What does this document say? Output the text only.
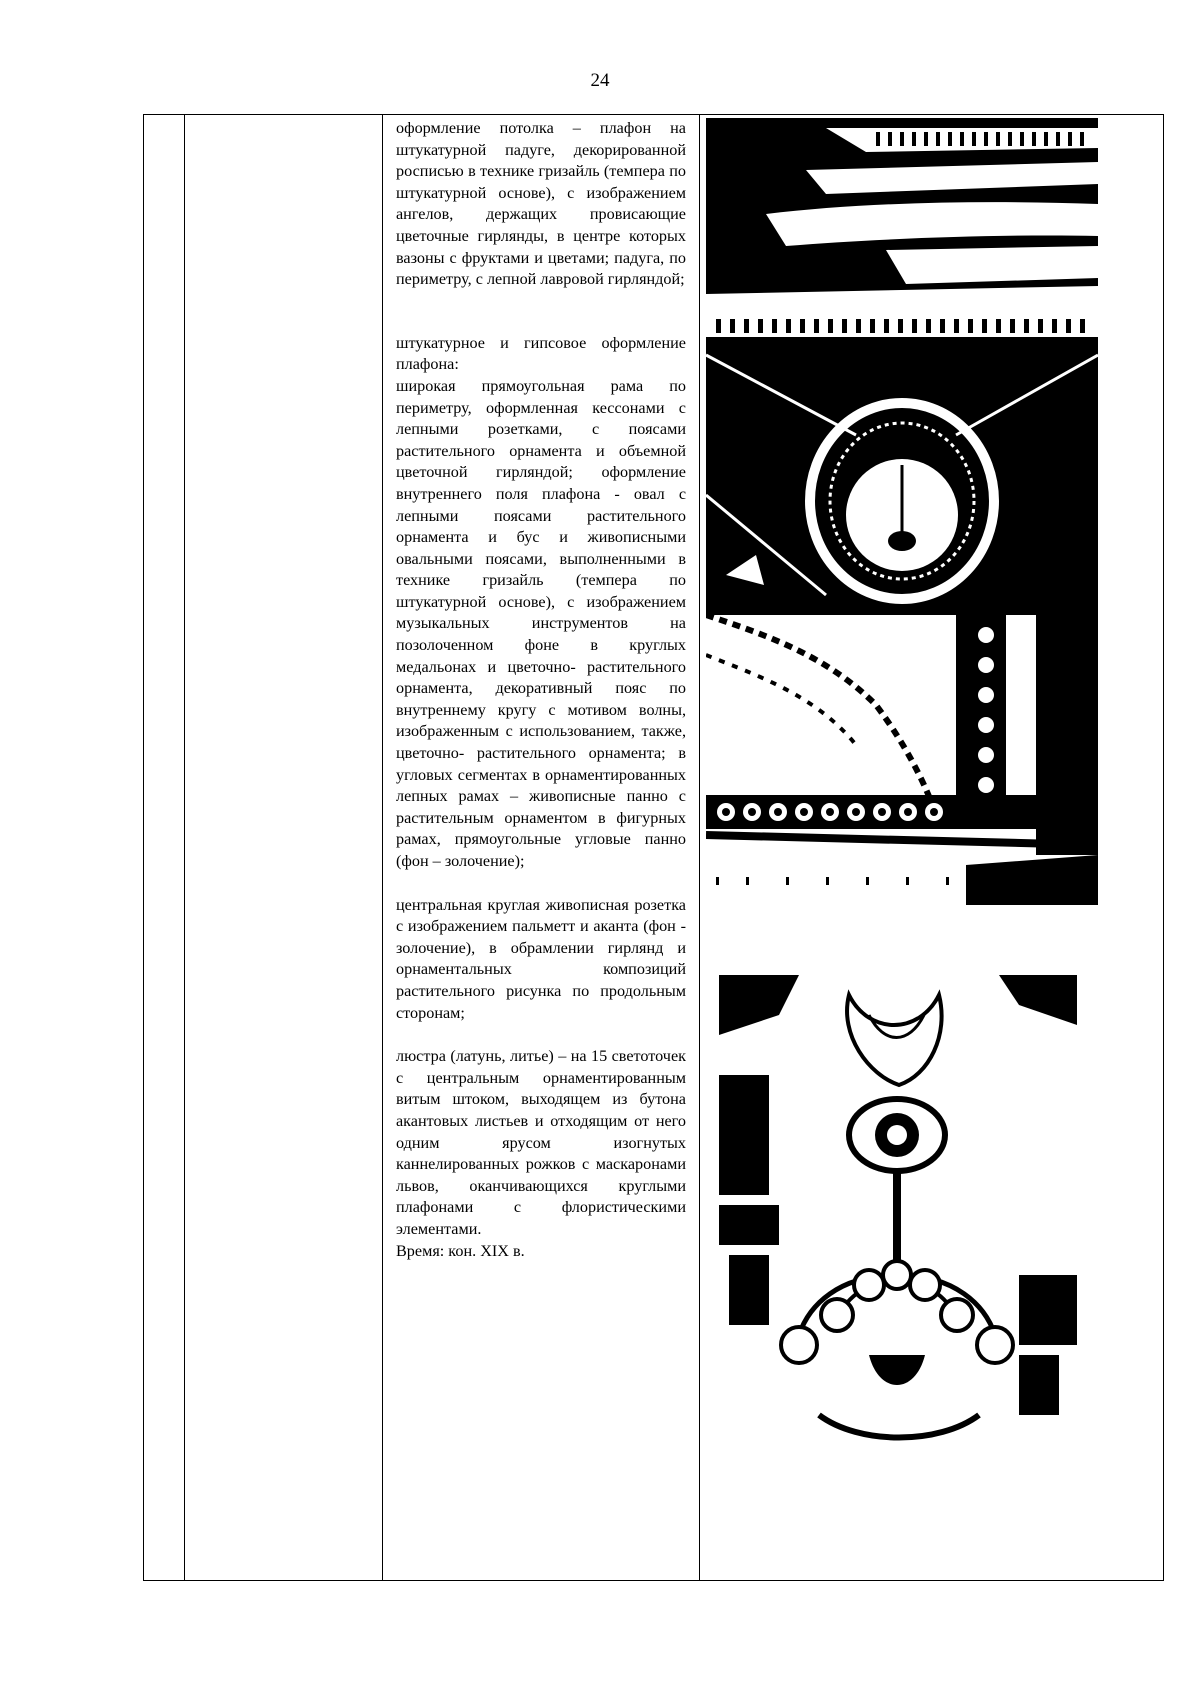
24

оформление потолка – плафон на штукатурной падуге, декорированной росписью в технике гризайль (темпера по штукатурной основе), с изображением ангелов, держащих провисающие цветочные гирлянды, в центре которых вазоны с фруктами и цветами; падуга, по периметру, с лепной лавровой гирляндой;

штукатурное и гипсовое оформление плафона:

широкая прямоугольная рама по периметру, оформленная кессонами с лепными розетками, с поясами растительного орнамента и объемной цветочной гирляндой; оформление внутреннего поля плафона - овал с лепными поясами растительного орнамента и бус и живописными овальными поясами, выполненными в технике гризайль (темпера по штукатурной основе), с изображением музыкальных инструментов на позолоченном фоне в круглых медальонах и цветочно- растительного орнамента, декоративный пояс по внутреннему кругу с мотивом волны, изображенным с использованием, также, цветочно- растительного орнамента; в угловых сегментах в орнаментированных лепных рамах – живописные панно с растительным орнаментом в фигурных рамах, прямоугольные угловые панно (фон – золочение);

центральная круглая живописная розетка с изображением пальметт и аканта (фон - золочение), в обрамлении гирлянд и орнаментальных композиций растительного рисунка по продольным сторонам;

люстра (латунь, литье) – на 15 светоточек с центральным орнаментированным витым штоком, выходящем из бутона акантовых листьев и отходящим от него одним ярусом изогнутых каннелированных рожков с маскаронами львов, оканчивающихся круглыми плафонами с флористическими элементами.

Время: кон. XIX в.
